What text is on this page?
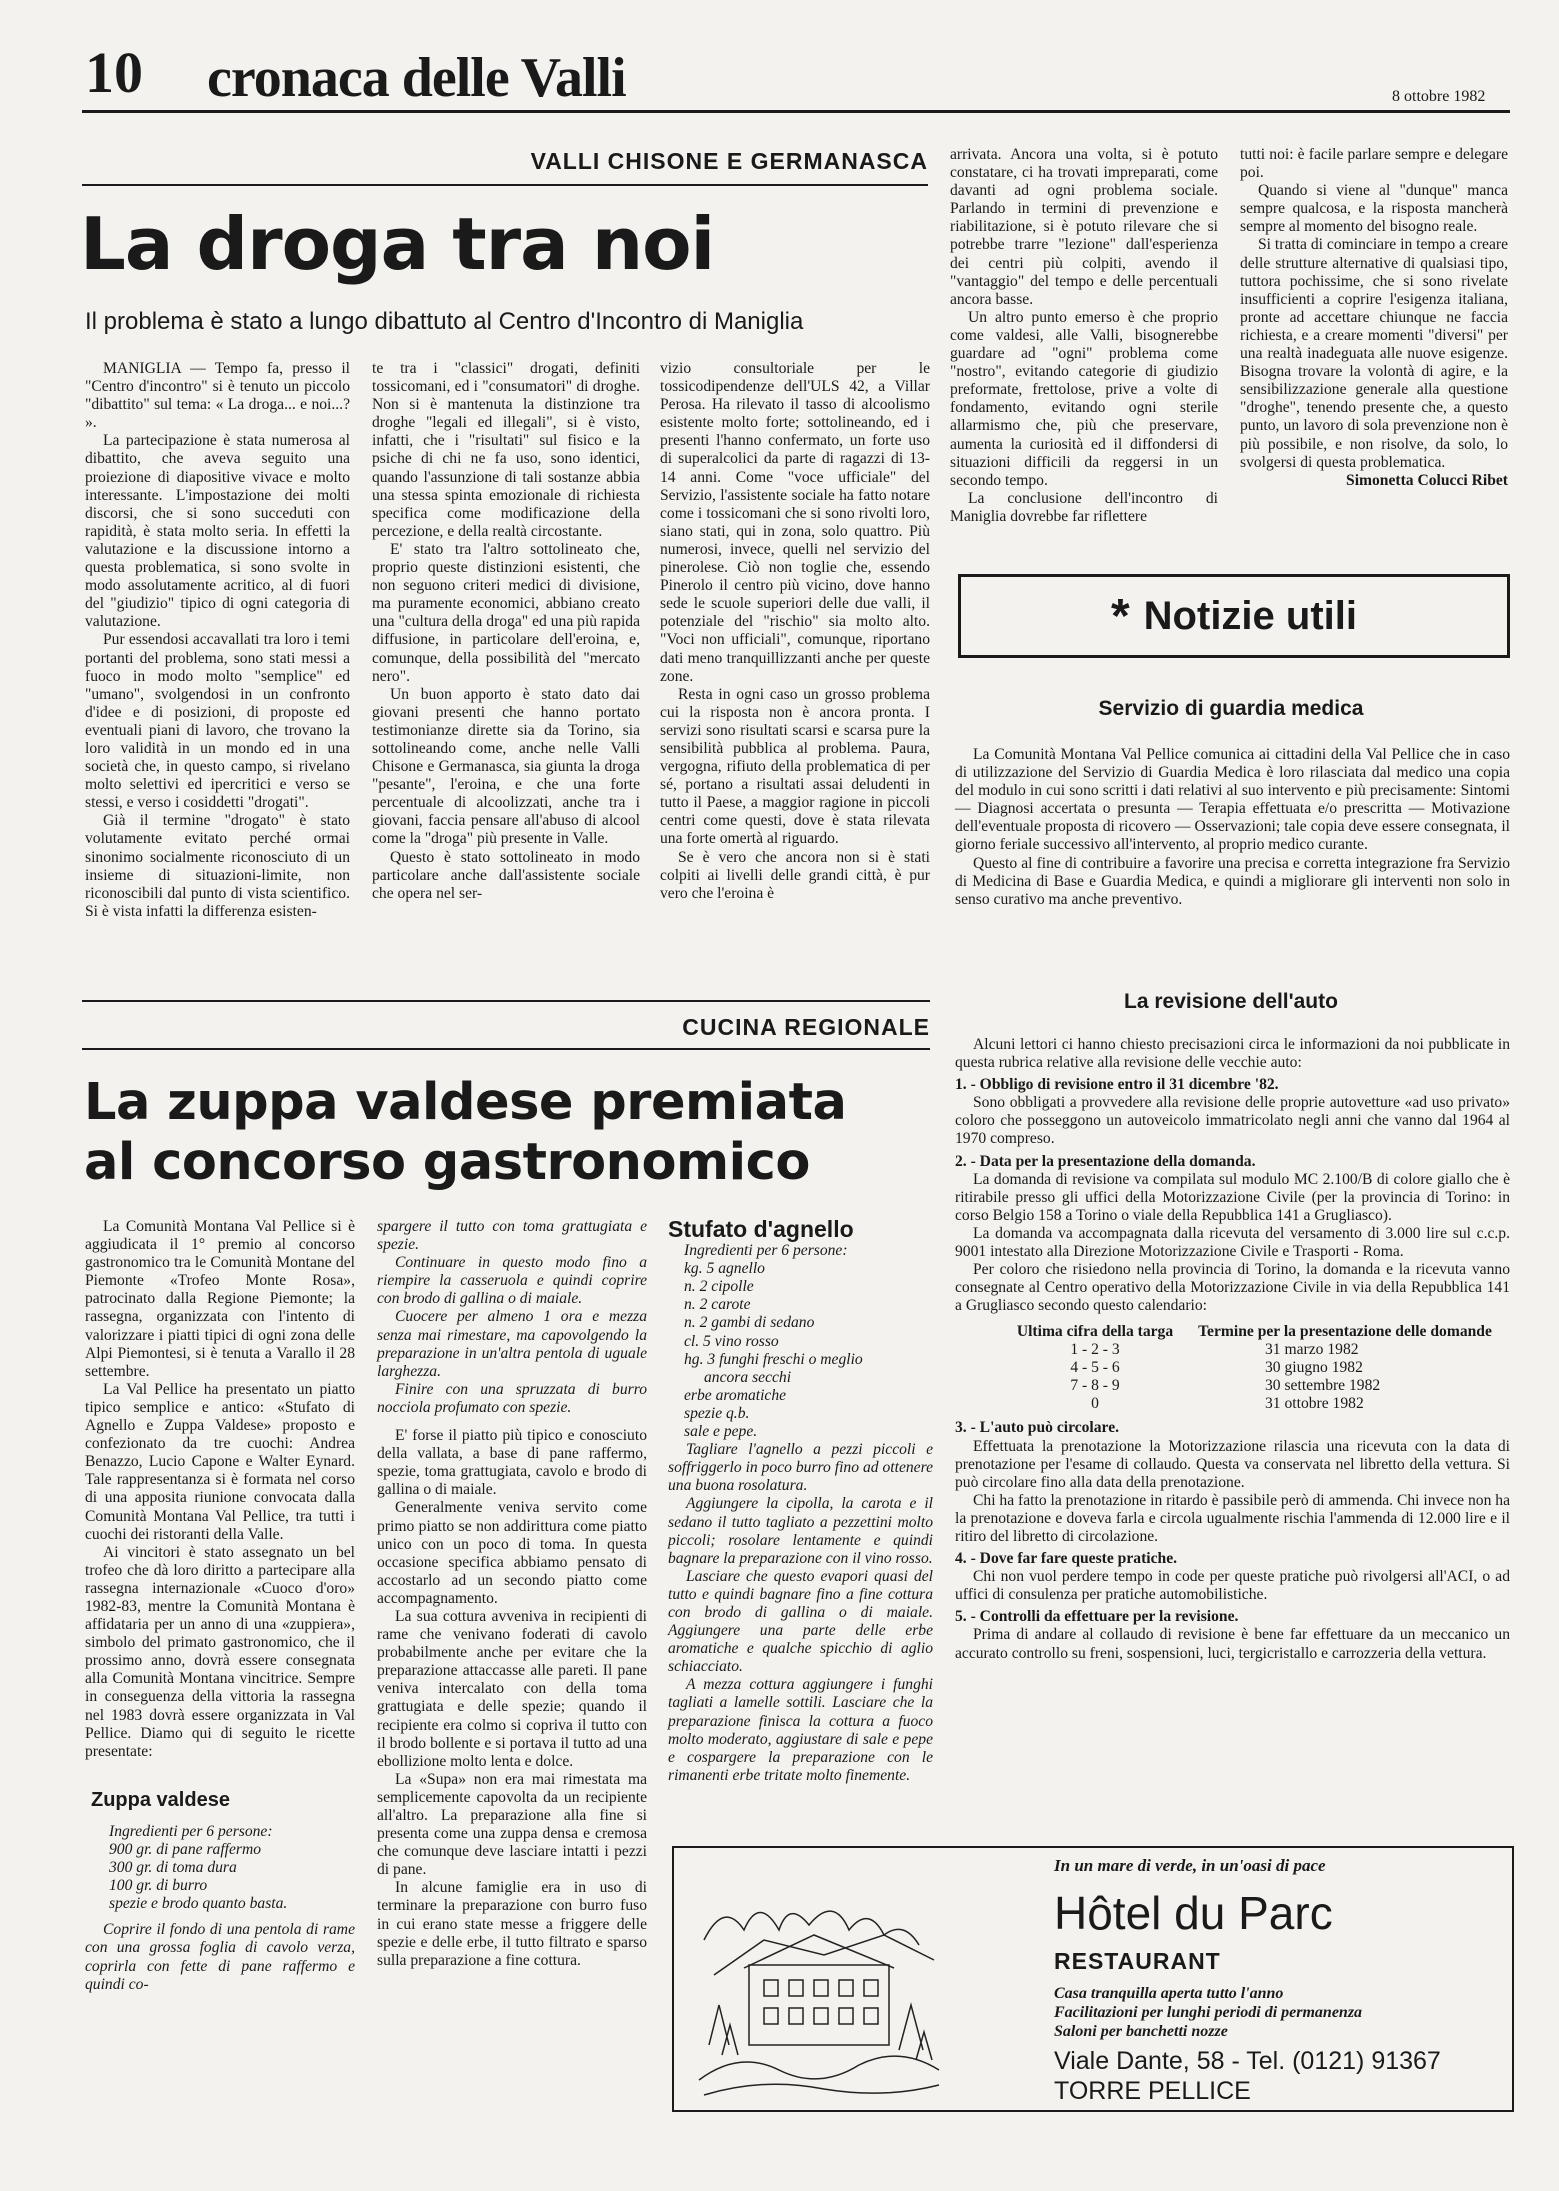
10 cronaca delle Valli	8 ottobre 1982
VALLI CHISONE E GERMANASCA
La droga tra noi
Il problema è stato a lungo dibattuto al Centro d'Incontro di Maniglia

MANIGLIA — Tempo fa, presso il "Centro d'incontro" si è tenuto un piccolo "dibattito" sul tema: « La droga... e noi...? ».

La partecipazione è stata numerosa al dibattito, che aveva seguito una proiezione di diapositive vivace e molto interessante. L'impostazione dei molti discorsi, che si sono succeduti con rapidità, è stata molto seria. In effetti la valutazione e la discussione intorno a questa problematica, si sono svolte in modo assolutamente acritico, al di fuori del "giudizio" tipico di ogni categoria di valutazione.

Pur essendosi accavallati tra loro i temi portanti del problema, sono stati messi a fuoco in modo molto "semplice" ed "umano", svolgendosi in un confronto d'idee e di posizioni, di proposte ed eventuali piani di lavoro, che trovano la loro validità in un mondo ed in una società che, in questo campo, si rivelano molto selettivi ed ipercritici e verso se stessi, e verso i cosiddetti "drogati".

Già il termine "drogato" è stato volutamente evitato perché ormai sinonimo socialmente riconosciuto di un insieme di situazioni-limite, non riconoscibili dal punto di vista scientifico. Si è vista infatti la differenza esisten-

te tra i "classici" drogati, definiti tossicomani, ed i "consumatori" di droghe. Non si è mantenuta la distinzione tra droghe "legali ed illegali", si è visto, infatti, che i "risultati" sul fisico e la psiche di chi ne fa uso, sono identici, quando l'assunzione di tali sostanze abbia una stessa spinta emozionale di richiesta specifica come modificazione della percezione, e della realtà circostante.

E' stato tra l'altro sottolineato che, proprio queste distinzioni esistenti, che non seguono criteri medici di divisione, ma puramente economici, abbiano creato una "cultura della droga" ed una più rapida diffusione, in particolare dell'eroina, e, comunque, della possibilità del "mercato nero".

Un buon apporto è stato dato dai giovani presenti che hanno portato testimonianze dirette sia da Torino, sia sottolineando come, anche nelle Valli Chisone e Germanasca, sia giunta la droga "pesante", l'eroina, e che una forte percentuale di alcoolizzati, anche tra i giovani, faccia pensare all'abuso di alcool come la "droga" più presente in Valle.

Questo è stato sottolineato in modo particolare anche dall'assistente sociale che opera nel ser-

vizio consultoriale per le tossicodipendenze dell'ULS 42, a Villar Perosa. Ha rilevato il tasso di alcoolismo esistente molto forte; sottolineando, ed i presenti l'hanno confermato, un forte uso di superalcolici da parte di ragazzi di 13-14 anni. Come "voce ufficiale" del Servizio, l'assistente sociale ha fatto notare come i tossicomani che si sono rivolti loro, siano stati, qui in zona, solo quattro. Più numerosi, invece, quelli nel servizio del pinerolese. Ciò non toglie che, essendo Pinerolo il centro più vicino, dove hanno sede le scuole superiori delle due valli, il potenziale del "rischio" sia molto alto. "Voci non ufficiali", comunque, riportano dati meno tranquillizzanti anche per queste zone.

Resta in ogni caso un grosso problema cui la risposta non è ancora pronta. I servizi sono risultati scarsi e scarsa pure la sensibilità pubblica al problema. Paura, vergogna, rifiuto della problematica di per sé, portano a risultati assai deludenti in tutto il Paese, a maggior ragione in piccoli centri come questi, dove è stata rilevata una forte omertà al riguardo.

Se è vero che ancora non si è stati colpiti ai livelli delle grandi città, è pur vero che l'eroina è

arrivata. Ancora una volta, si è potuto constatare, ci ha trovati impreparati, come davanti ad ogni problema sociale. Parlando in termini di prevenzione e riabilitazione, si è potuto rilevare che si potrebbe trarre "lezione" dall'esperienza dei centri più colpiti, avendo il "vantaggio" del tempo e delle percentuali ancora basse.

Un altro punto emerso è che proprio come valdesi, alle Valli, bisognerebbe guardare ad "ogni" problema come "nostro", evitando categorie di giudizio preformate, frettolose, prive a volte di fondamento, evitando ogni sterile allarmismo che, più che preservare, aumenta la curiosità ed il diffondersi di situazioni difficili da reggersi in un secondo tempo.

La conclusione dell'incontro di Maniglia dovrebbe far riflettere

tutti noi: è facile parlare sempre e delegare poi.

Quando si viene al "dunque" manca sempre qualcosa, e la risposta mancherà sempre al momento del bisogno reale.

Si tratta di cominciare in tempo a creare delle strutture alternative di qualsiasi tipo, tuttora pochissime, che si sono rivelate insufficienti a coprire l'esigenza italiana, pronte ad accettare chiunque ne faccia richiesta, e a creare momenti "diversi" per una realtà inadeguata alle nuove esigenze. Bisogna trovare la volontà di agire, e la sensibilizzazione generale alla questione "droghe", tenendo presente che, a questo punto, un lavoro di sola prevenzione non è più possibile, e non risolve, da solo, lo svolgersi di questa problematica.

Simonetta Colucci Ribet
* Notizie utili
Servizio di guardia medica

La Comunità Montana Val Pellice comunica ai cittadini della Val Pellice che in caso di utilizzazione del Servizio di Guardia Medica è loro rilasciata dal medico una copia del modulo in cui sono scritti i dati relativi al suo intervento e più precisamente: Sintomi — Diagnosi accertata o presunta — Terapia effettuata e/o prescritta — Motivazione dell'eventuale proposta di ricovero — Osservazioni; tale copia deve essere consegnata, il giorno feriale successivo all'intervento, al proprio medico curante.

Questo al fine di contribuire a favorire una precisa e corretta integrazione fra Servizio di Medicina di Base e Guardia Medica, e quindi a migliorare gli interventi non solo in senso curativo ma anche preventivo.

La revisione dell'auto

Alcuni lettori ci hanno chiesto precisazioni circa le informazioni da noi pubblicate in questa rubrica relative alla revisione delle vecchie auto:

1. - Obbligo di revisione entro il 31 dicembre '82.

Sono obbligati a provvedere alla revisione delle proprie autovetture «ad uso privato» coloro che posseggono un autoveicolo immatricolato negli anni che vanno dal 1964 al 1970 compreso.

2. - Data per la presentazione della domanda.

La domanda di revisione va compilata sul modulo MC 2.100/B di colore giallo che è ritirabile presso gli uffici della Motorizzazione Civile (per la provincia di Torino: in corso Belgio 158 a Torino o viale della Repubblica 141 a Grugliasco).

La domanda va accompagnata dalla ricevuta del versamento di 3.000 lire sul c.c.p. 9001 intestato alla Direzione Motorizzazione Civile e Trasporti - Roma.

Per coloro che risiedono nella provincia di Torino, la domanda e la ricevuta vanno consegnate al Centro operativo della Motorizzazione Civile in via della Repubblica 141 a Grugliasco secondo questo calendario:

Ultima cifra della targa	Termine per la presentazione delle domande
1 - 2 - 3	31 marzo 1982
4 - 5 - 6	30 giugno 1982
7 - 8 - 9	30 settembre 1982
0	31 ottobre 1982

3. - L'auto può circolare.

Effettuata la prenotazione la Motorizzazione rilascia una ricevuta con la data di prenotazione per l'esame di collaudo. Questa va conservata nel libretto della vettura. Si può circolare fino alla data della prenotazione.

Chi ha fatto la prenotazione in ritardo è passibile però di ammenda. Chi invece non ha la prenotazione e doveva farla e circola ugualmente rischia l'ammenda di 12.000 lire e il ritiro del libretto di circolazione.

4. - Dove far fare queste pratiche.

Chi non vuol perdere tempo in code per queste pratiche può rivolgersi all'ACI, o ad uffici di consulenza per pratiche automobilistiche.

5. - Controlli da effettuare per la revisione.

Prima di andare al collaudo di revisione è bene far effettuare da un meccanico un accurato controllo su freni, sospensioni, luci, tergicristallo e carrozzeria della vettura.

CUCINA REGIONALE
La zuppa valdese premiata
al concorso gastronomico

La Comunità Montana Val Pellice si è aggiudicata il 1° premio al concorso gastronomico tra le Comunità Montane del Piemonte «Trofeo Monte Rosa», patrocinato dalla Regione Piemonte; la rassegna, organizzata con l'intento di valorizzare i piatti tipici di ogni zona delle Alpi Piemontesi, si è tenuta a Varallo il 28 settembre.

La Val Pellice ha presentato un piatto tipico semplice e antico: «Stufato di Agnello e Zuppa Valdese» proposto e confezionato da tre cuochi: Andrea Benazzo, Lucio Capone e Walter Eynard. Tale rappresentanza si è formata nel corso di una apposita riunione convocata dalla Comunità Montana Val Pellice, tra tutti i cuochi dei ristoranti della Valle.

Ai vincitori è stato assegnato un bel trofeo che dà loro diritto a partecipare alla rassegna internazionale «Cuoco d'oro» 1982-83, mentre la Comunità Montana è affidataria per un anno di una «zuppiera», simbolo del primato gastronomico, che il prossimo anno, dovrà essere consegnata alla Comunità Montana vincitrice. Sempre in conseguenza della vittoria la rassegna nel 1983 dovrà essere organizzata in Val Pellice. Diamo qui di seguito le ricette presentate:

Zuppa valdese
Ingredienti per 6 persone:
900 gr. di pane raffermo
300 gr. di toma dura
100 gr. di burro
spezie e brodo quanto basta.

Coprire il fondo di una pentola di rame con una grossa foglia di cavolo verza, coprirla con fette di pane raffermo e quindi co-

spargere il tutto con toma grattugiata e spezie.

Continuare in questo modo fino a riempire la casseruola e quindi coprire con brodo di gallina o di maiale.

Cuocere per almeno 1 ora e mezza senza mai rimestare, ma capovolgendo la preparazione in un'altra pentola di uguale larghezza.

Finire con una spruzzata di burro nocciola profumato con spezie.

E' forse il piatto più tipico e conosciuto della vallata, a base di pane raffermo, spezie, toma grattugiata, cavolo e brodo di gallina o di maiale.

Generalmente veniva servito come primo piatto se non addirittura come piatto unico con un poco di toma. In questa occasione specifica abbiamo pensato di accostarlo ad un secondo piatto come accompagnamento.

La sua cottura avveniva in recipienti di rame che venivano foderati di cavolo probabilmente anche per evitare che la preparazione attaccasse alle pareti. Il pane veniva intercalato con della toma grattugiata e delle spezie; quando il recipiente era colmo si copriva il tutto con il brodo bollente e si portava il tutto ad una ebollizione molto lenta e dolce.

La «Supa» non era mai rimestata ma semplicemente capovolta da un recipiente all'altro. La preparazione alla fine si presenta come una zuppa densa e cremosa che comunque deve lasciare intatti i pezzi di pane.

In alcune famiglie era in uso di terminare la preparazione con burro fuso in cui erano state messe a friggere delle spezie e delle erbe, il tutto filtrato e sparso sulla preparazione a fine cottura.

Stufato d'agnello
Ingredienti per 6 persone:
kg. 5 agnello
n. 2 cipolle
n. 2 carote
n. 2 gambi di sedano
cl. 5 vino rosso
hg. 3 funghi freschi o meglio
ancora secchi
erbe aromatiche
spezie q.b.
sale e pepe.

Tagliare l'agnello a pezzi piccoli e soffriggerlo in poco burro fino ad ottenere una buona rosolatura.

Aggiungere la cipolla, la carota e il sedano il tutto tagliato a pezzettini molto piccoli; rosolare lentamente e quindi bagnare la preparazione con il vino rosso.

Lasciare che questo evapori quasi del tutto e quindi bagnare fino a fine cottura con brodo di gallina o di maiale. Aggiungere una parte delle erbe aromatiche e qualche spicchio di aglio schiacciato.

A mezza cottura aggiungere i funghi tagliati a lamelle sottili. Lasciare che la preparazione finisca la cottura a fuoco molto moderato, aggiustare di sale e pepe e cospargere la preparazione con le rimanenti erbe tritate molto finemente.

In un mare di verde, in un'oasi di pace
Hôtel du Parc
RESTAURANT
Casa tranquilla aperta tutto l'anno
Facilitazioni per lunghi periodi di permanenza
Saloni per banchetti nozze
Viale Dante, 58 - Tel. (0121) 91367
TORRE PELLICE
